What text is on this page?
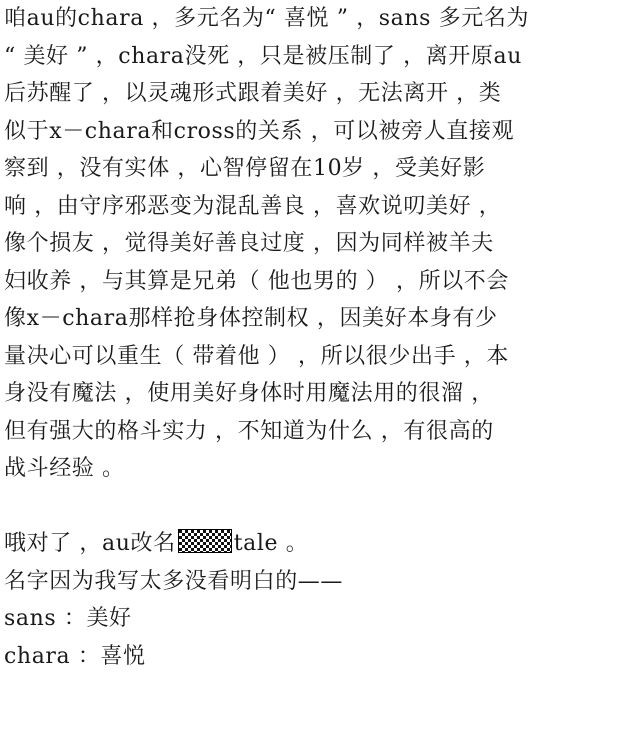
咱au的chara ，多元名为“ 喜悦 ” ，sans 多元名为
“ 美好 ” ，chara没死 ，只是被压制了 ，离开原au
后苏醒了 ，以灵魂形式跟着美好 ，无法离开 ，类
似于x－chara和cross的关系 ，可以被旁人直接观
察到 ，没有实体 ，心智停留在10岁 ，受美好影
响 ，由守序邪恶变为混乱善良 ，喜欢说叨美好 ，
像个损友 ，觉得美好善良过度 ，因为同样被羊夫
妇收养 ，与其算是兄弟（ 他也男的 ） ，所以不会
像x－chara那样抢身体控制权 ，因美好本身有少
量决心可以重生（ 带着他 ） ，所以很少出手 ，本
身没有魔法 ，使用美好身体时用魔法用的很溜 ，
但有强大的格斗实力 ，不知道为什么 ，有很高的
战斗经验 。
哦对了 ，au改名	tale 。
名字因为我写太多没看明白的——
sans ：美好
chara ：喜悦
